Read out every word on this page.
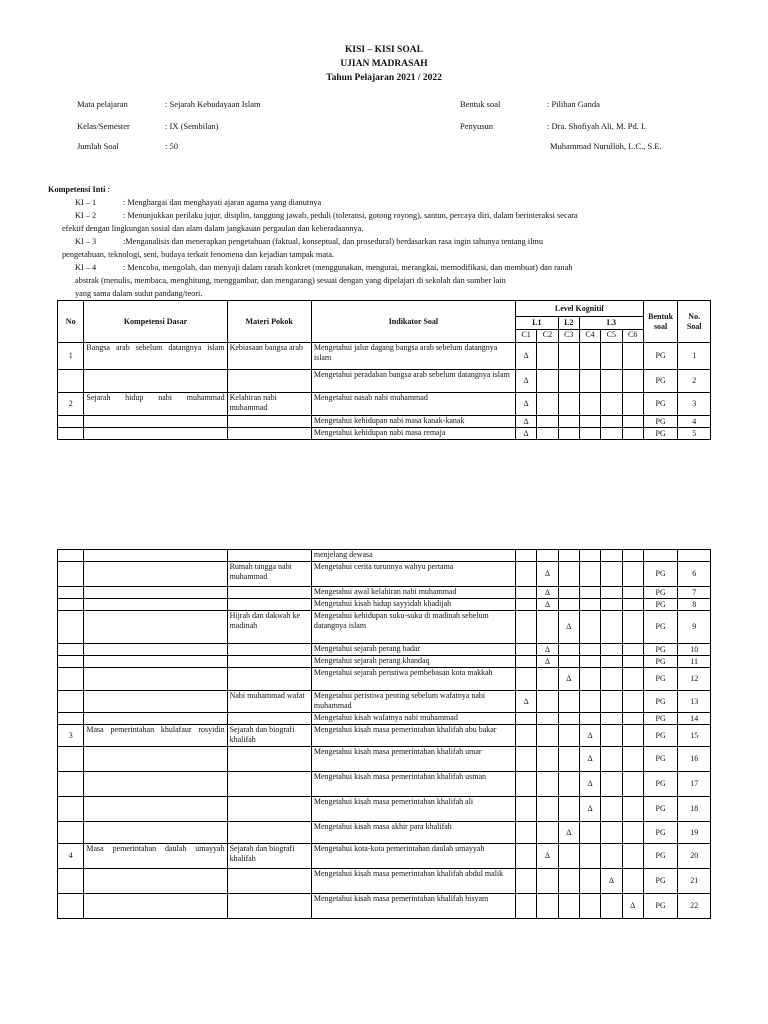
KISI – KISI SOAL
UJIAN MADRASAH
Tahun Pelajaran 2021 / 2022
Mata pelajaran	: Sejarah Kebudayaan Islam
Kelas/Semester	: IX (Sembilan)
Jumlah Soal	: 50
Bentuk soal	: Pilihan Ganda
Penyusun	: Dra. Shofiyah Ali, M. Pd. I.
Muhammad Nurulloh, L.C., S.E.
Kompetensi Inti :
KI – 1	: Menghargai dan menghayati ajaran agama yang dianutnya
KI – 2	: Menunjukkan perilaku jujur, disiplin, tanggung jawab, peduli (toleransi, gotong royong), santun, percaya diri, dalam berinteraksi secara
efektif dengan lingkungan sosial dan alam dalam jangkauan pergaulan dan keberadaannya.
KI – 3	:Menganalisis dan menerapkan pengetahuan (faktual, konseptual, dan prosedural) berdasarkan rasa ingin tahunya tentang ilmu
pengetahuan, teknologi, seni, budaya terkait fenomena dan kejadian tampak mata.
KI – 4	: Mencoba, mengolah, dan menyaji dalam ranah konkret (menggunakan, mengurai, merangkai, memodifikasi, dan membuat) dan ranah
abstrak (menulis, membaca, menghitung, menggambar, dan mengarang) sesuai dengan yang dipelajari di sekolah dan sumber lain
yang sama dalam sudut pandang/teori.
No	Kompetensi Dasar	Materi Pokok	Indikator Soal	Level Kognitif						Bentuk
soal	No.
Soal
				L1		L2	L3				
				C1	C2	C3	C4	C5	C6		
1	Bangsa arab sebelum datangnya islam	Kebiasaan bangsa arab	Mengetahui jalur dagang bangsa arab sebelum datangnya islam	Δ						PG	1
			Mengetahui peradaban bangsa arab sebelum datangnya islam	Δ						PG	2
2	Sejarah hidup nabi muhammad	Kelahiran nabi muhammad	Mengetahui nasab nabi muhammad	Δ						PG	3
			Mengetahui kehidupan nabi masa kanak-kanak	Δ						PG	4
			Mengetahui kehidupan nabi masa remaja	Δ						PG	5
			menjelang dewasa								
		Rumah tangga nabi muhammad	Mengetahui cerita turunnya wahyu pertama		Δ					PG	6
			Mengetahui awal kelahiran nabi muhammad		Δ					PG	7
			Mengetahui kisah hidup sayyidah khadijah		Δ					PG	8
		Hijrah dan dakwah ke madinah	Mengetahui kehidupan suku-suku di madinah sebelum datangnya islam			Δ				PG	9
			Mengetahui sejarah perang badar		Δ					PG	10
			Mengetahui sejarah perang khandaq		Δ					PG	11
			Mengetahui sejarah peristiwa pembebasan kota makkah			Δ				PG	12
		Nabi muhammad wafat	Mengetahui peristiwa penting sebelum wafatnya nabi muhammad	Δ						PG	13
			Mengetahui kisah wafatnya nabi muhammad							PG	14
3	Masa pemerintahan khulafaur rosyidin	Sejarah dan biografi khalifah	Mengetahui kisah masa pemerintahan khalifah abu bakar				Δ			PG	15
			Mengetahui kisah masa pemerintahan khalifah umar				Δ			PG	16
			Mengetahui kisah masa pemerintahan khalifah usman				Δ			PG	17
			Mengetahui kisah masa pemerintahan khalifah ali				Δ			PG	18
			Mengetahui kisah masa akhir para khalifah			Δ				PG	19
4	Masa pemerintahan daulah umayyah	Sejarah dan biografi khalifah	Mengetahui kota-kota pemerintahan daulah umayyah		Δ					PG	20
			Mengetahui kisah masa pemerintahan khalifah abdul malik					Δ		PG	21
			Mengetahui kisah masa pemerintahan khalifah hisyam						Δ	PG	22
